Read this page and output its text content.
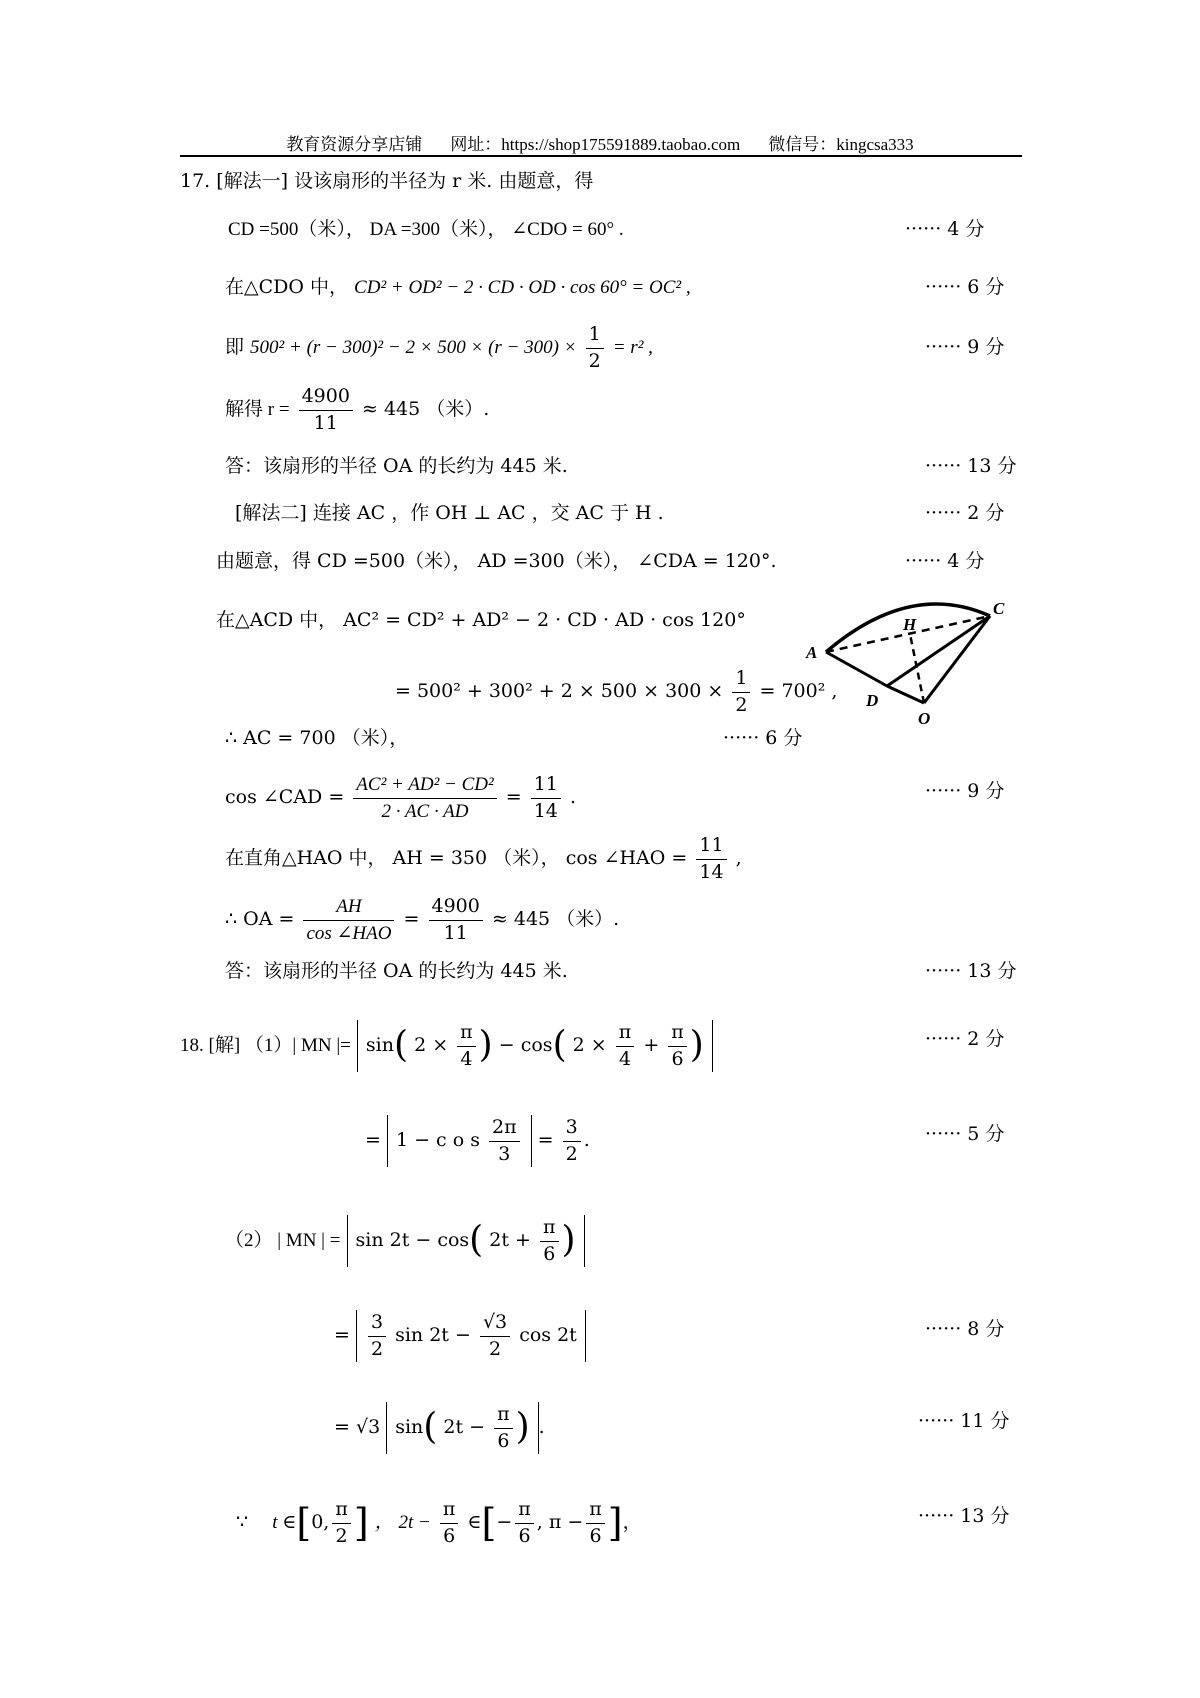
教育资源分享店铺 网址：https://shop175591889.taobao.com 微信号：kingcsa333
17. [解法一] 设该扇形的半径为 r 米. 由题意，得
CD =500（米）， DA =300（米）， ∠CDO = 60° .	······ 4 分
在△CDO 中， CD² + OD² − 2 · CD · OD · cos 60° = OC² ,	······ 6 分
即 $500^2 + (r - 300)^2 - 2 \times 500 \times (r - 300) \times \frac{1}{2} = r^2$ ,	······ 9 分
解得 $r = \frac{4900}{11} \approx 445$ （米）.
答：该扇形的半径 OA 的长约为 445 米.	······ 13 分
[解法二] 连接 AC ，作 OH ⊥ AC ，交 AC 于 H .	······ 2 分
由题意，得 CD =500（米）， AD =300（米）， ∠CDA = 120°.	······ 4 分
在△ACD 中， AC² = CD² + AD² − 2 · CD · AD · cos 120°
= $500^2 + 300^2 + 2 \times 500 \times 300 \times \frac{1}{2} = 700^2$ ,
∴ AC = 700 （米），	······ 6 分
cos ∠CAD = $\frac{\text{AC² + AD² − CD²}}{2 \cdot AC \cdot AD} = \frac{11}{14}$ .	······ 9 分
在直角△HAO 中， AH = 350 （米）， cos ∠HAO = $\frac{11}{14}$ ,
∴ OA = $\frac{AH}{\text{cos ∠HAO}} = \frac{4900}{11} \approx 445$ （米）.
答：该扇形的半径 OA 的长约为 445 米.	······ 13 分
A
C
H
D
O
18. [解] （1）| MN |= sin( $2 \times \frac{\pi}{4}$ ) − cos( $2 \times \frac{\pi}{4} + \frac{\pi}{6}$ )	······ 2 分
= 1 − c o s $\frac{2\pi}{3} = \frac{3}{2}$ .	······ 5 分
（2） | MN | = sin 2t − cos( $2t + \frac{\pi}{6}$ )
= $\frac{3}{2}$ $\sin 2t - \frac{√3}{2}$ cos 2t	······ 8 分
= √3 sin( $2t - \frac{\pi}{6}$ ) .	······ 11 分
∵ t ∈[0, $\frac{\pi}{2}$ ] ， $2t - \frac{\pi}{6}$ ∈[− $\frac{\pi}{6}$ , $\pi - \frac{\pi}{6}$ ]，	······ 13 分
